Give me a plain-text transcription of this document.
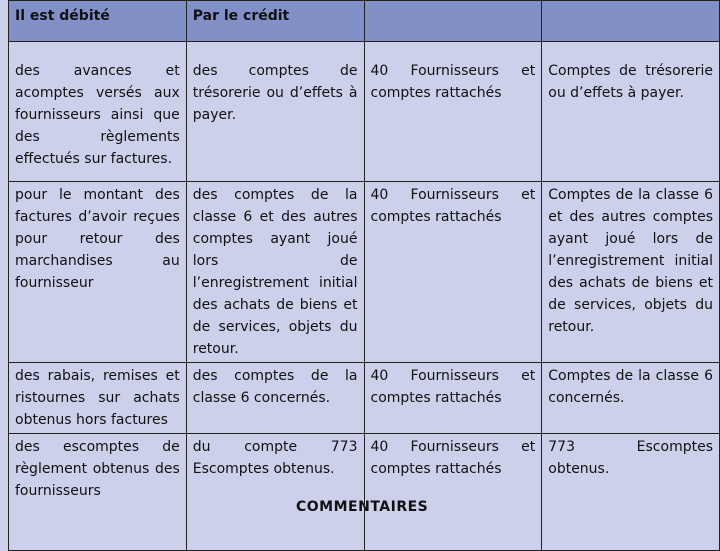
Il est débité	Par le crédit		
des avances et acomptes versés aux fournisseurs ainsi que des règlements effectués sur factures.	des comptes de trésorerie ou d’effets à payer.	40 Fournisseurs et comptes rattachés	Comptes de trésorerie ou d’effets à payer.
pour le montant des factures d’avoir reçues pour retour des marchandises au fournisseur	des comptes de la classe 6 et des autres comptes ayant joué lors de l’enregistrement initial des achats de biens et de services, objets du retour.	40 Fournisseurs et comptes rattachés	Comptes de la classe 6 et des autres comptes ayant joué lors de l’enregistrement initial des achats de biens et de services, objets du retour.
des rabais, remises et ristournes sur achats obtenus hors factures	des comptes de la classe 6 concernés.	40 Fournisseurs et comptes rattachés	Comptes de la classe 6 concernés.
des escomptes de règlement obtenus des fournisseurs	du compte 773 Escomptes obtenus.	40 Fournisseurs et comptes rattachés	773 Escomptes obtenus.
COMMENTAIRES
